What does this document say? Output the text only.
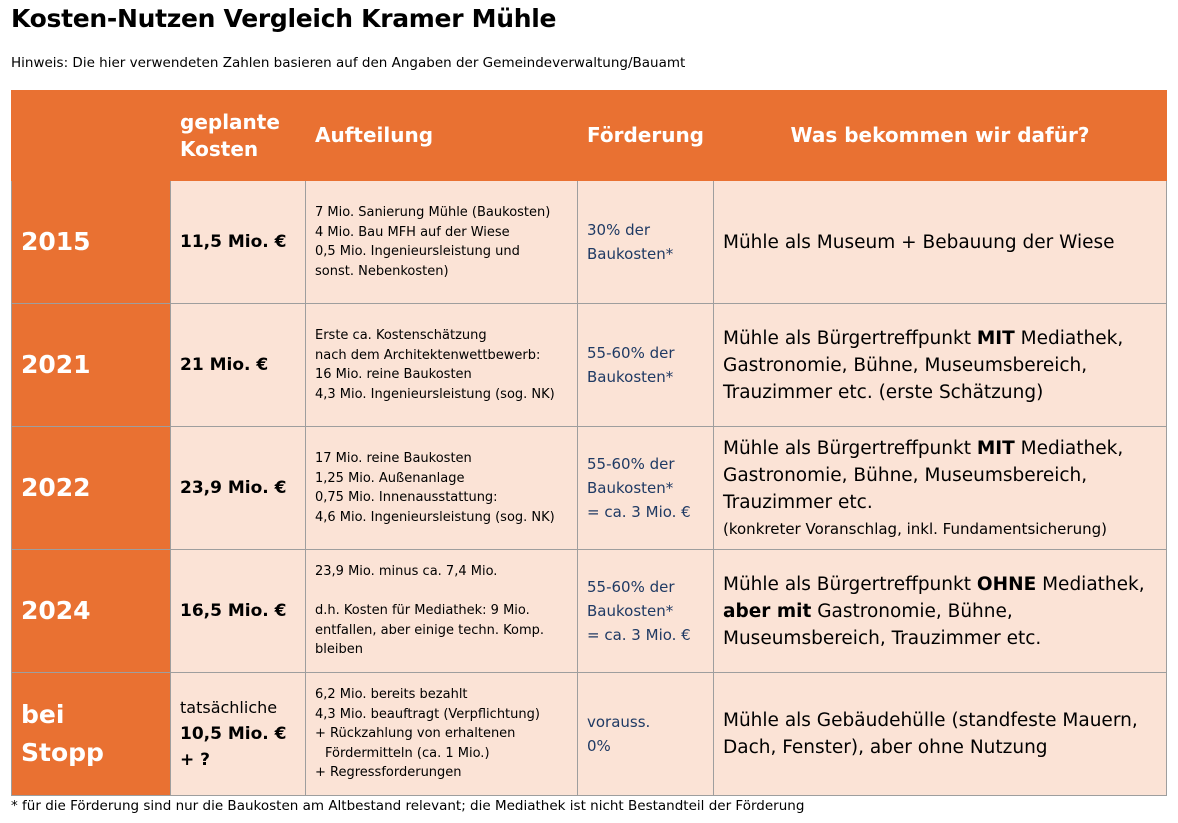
Kosten-Nutzen Vergleich Kramer Mühle
Hinweis: Die hier verwendeten Zahlen basieren auf den Angaben der Gemeindeverwaltung/Bauamt
	geplante
Kosten	Aufteilung	Förderung	Was bekommen wir dafür?
2015	11,5 Mio. €	7 Mio. Sanierung Mühle (Baukosten)
4 Mio. Bau MFH auf der Wiese
0,5 Mio. Ingenieursleistung und
sonst. Nebenkosten)	30% der
Baukosten*	Mühle als Museum + Bebauung der Wiese
2021	21 Mio. €	Erste ca. Kostenschätzung
nach dem Architektenwettbewerb:
16 Mio. reine Baukosten
4,3 Mio. Ingenieursleistung (sog. NK)	55-60% der
Baukosten*	Mühle als Bürgertreffpunkt MIT Mediathek,
Gastronomie, Bühne, Museumsbereich,
Trauzimmer etc. (erste Schätzung)
2022	23,9 Mio. €	17 Mio. reine Baukosten
1,25 Mio. Außenanlage
0,75 Mio. Innenausstattung:
4,6 Mio. Ingenieursleistung (sog. NK)	55-60% der
Baukosten*
= ca. 3 Mio. €	Mühle als Bürgertreffpunkt MIT Mediathek,
Gastronomie, Bühne, Museumsbereich,
Trauzimmer etc.
(konkreter Voranschlag, inkl. Fundamentsicherung)

2024	16,5 Mio. €	23,9 Mio. minus ca. 7,4 Mio.
d.h. Kosten für Mediathek: 9 Mio.
entfallen, aber einige techn. Komp.
bleiben	55-60% der
Baukosten*
= ca. 3 Mio. €	Mühle als Bürgertreffpunkt OHNE Mediathek,
aber mit Gastronomie, Bühne,
Museumsbereich, Trauzimmer etc.
bei
Stopp	tatsächliche
10,5 Mio. €
+ ?	6,2 Mio. bereits bezahlt
4,3 Mio. beauftragt (Verpflichtung)
+ Rückzahlung von erhaltenen
Fördermitteln (ca. 1 Mio.)
+ Regressforderungen	vorauss.
0%	Mühle als Gebäudehülle (standfeste Mauern,
Dach, Fenster), aber ohne Nutzung
* für die Förderung sind nur die Baukosten am Altbestand relevant; die Mediathek ist nicht Bestandteil der Förderung
